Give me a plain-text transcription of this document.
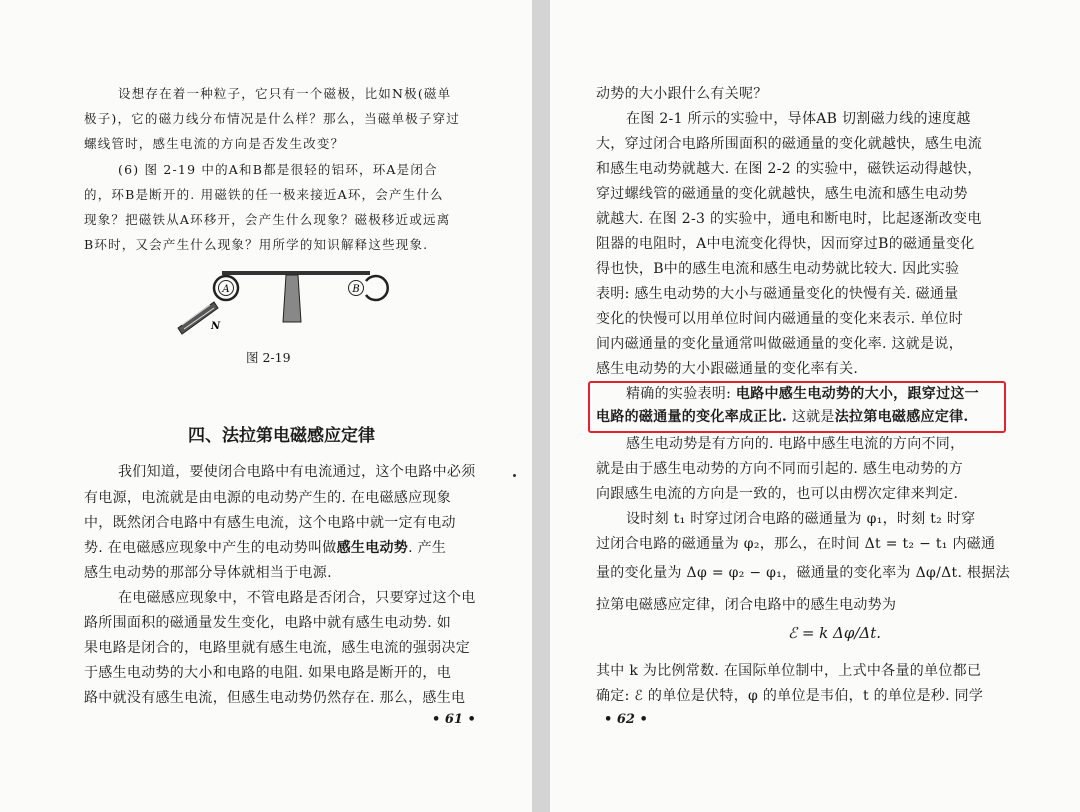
设想存在着一种粒子，它只有一个磁极，比如N极(磁单
极子)，它的磁力线分布情况是什么样？那么，当磁单极子穿过
螺线管时，感生电流的方向是否发生改变？
(6) 图 2-19 中的A和B都是很轻的铝环，环A是闭合
的，环B是断开的. 用磁铁的任一极来接近A环，会产生什么
现象？把磁铁从A环移开，会产生什么现象？磁极移近或远离
B环时，又会产生什么现象？用所学的知识解释这些现象.
A	B
N
图 2-19
四、法拉第电磁感应定律
我们知道，要使闭合电路中有电流通过，这个电路中必须
有电源，电流就是由电源的电动势产生的. 在电磁感应现象
中，既然闭合电路中有感生电流，这个电路中就一定有电动
势. 在电磁感应现象中产生的电动势叫做感生电动势. 产生
感生电动势的那部分导体就相当于电源.
在电磁感应现象中，不管电路是否闭合，只要穿过这个电
路所围面积的磁通量发生变化，电路中就有感生电动势. 如
果电路是闭合的，电路里就有感生电流，感生电流的强弱决定
于感生电动势的大小和电路的电阻. 如果电路是断开的，电
路中就没有感生电流，但感生电动势仍然存在. 那么，感生电
• 61 •
动势的大小跟什么有关呢？
在图 2-1 所示的实验中，导体AB 切割磁力线的速度越
大，穿过闭合电路所围面积的磁通量的变化就越快，感生电流
和感生电动势就越大. 在图 2-2 的实验中，磁铁运动得越快，
穿过螺线管的磁通量的变化就越快，感生电流和感生电动势
就越大. 在图 2-3 的实验中，通电和断电时，比起逐渐改变电
阻器的电阻时，A中电流变化得快，因而穿过B的磁通量变化
得也快，B中的感生电流和感生电动势就比较大. 因此实验
表明: 感生电动势的大小与磁通量变化的快慢有关. 磁通量
变化的快慢可以用单位时间内磁通量的变化来表示. 单位时
间内磁通量的变化量通常叫做磁通量的变化率. 这就是说，
感生电动势的大小跟磁通量的变化率有关.
精确的实验表明: 电路中感生电动势的大小，跟穿过这一
电路的磁通量的变化率成正比. 这就是法拉第电磁感应定律.
感生电动势是有方向的. 电路中感生电流的方向不同，
就是由于感生电动势的方向不同而引起的. 感生电动势的方
向跟感生电流的方向是一致的，也可以由楞次定律来判定.
设时刻 t₁ 时穿过闭合电路的磁通量为 φ₁，时刻 t₂ 时穿
过闭合电路的磁通量为 φ₂，那么，在时间 Δt = t₂ − t₁ 内磁通
量的变化量为 Δφ = φ₂ − φ₁，磁通量的变化率为 Δφ/Δt. 根据法
拉第电磁感应定律，闭合电路中的感生电动势为
ℰ = k Δφ/Δt.
其中 k 为比例常数. 在国际单位制中，上式中各量的单位都已
确定: ℰ 的单位是伏特，φ 的单位是韦伯，t 的单位是秒. 同学
• 62 •
